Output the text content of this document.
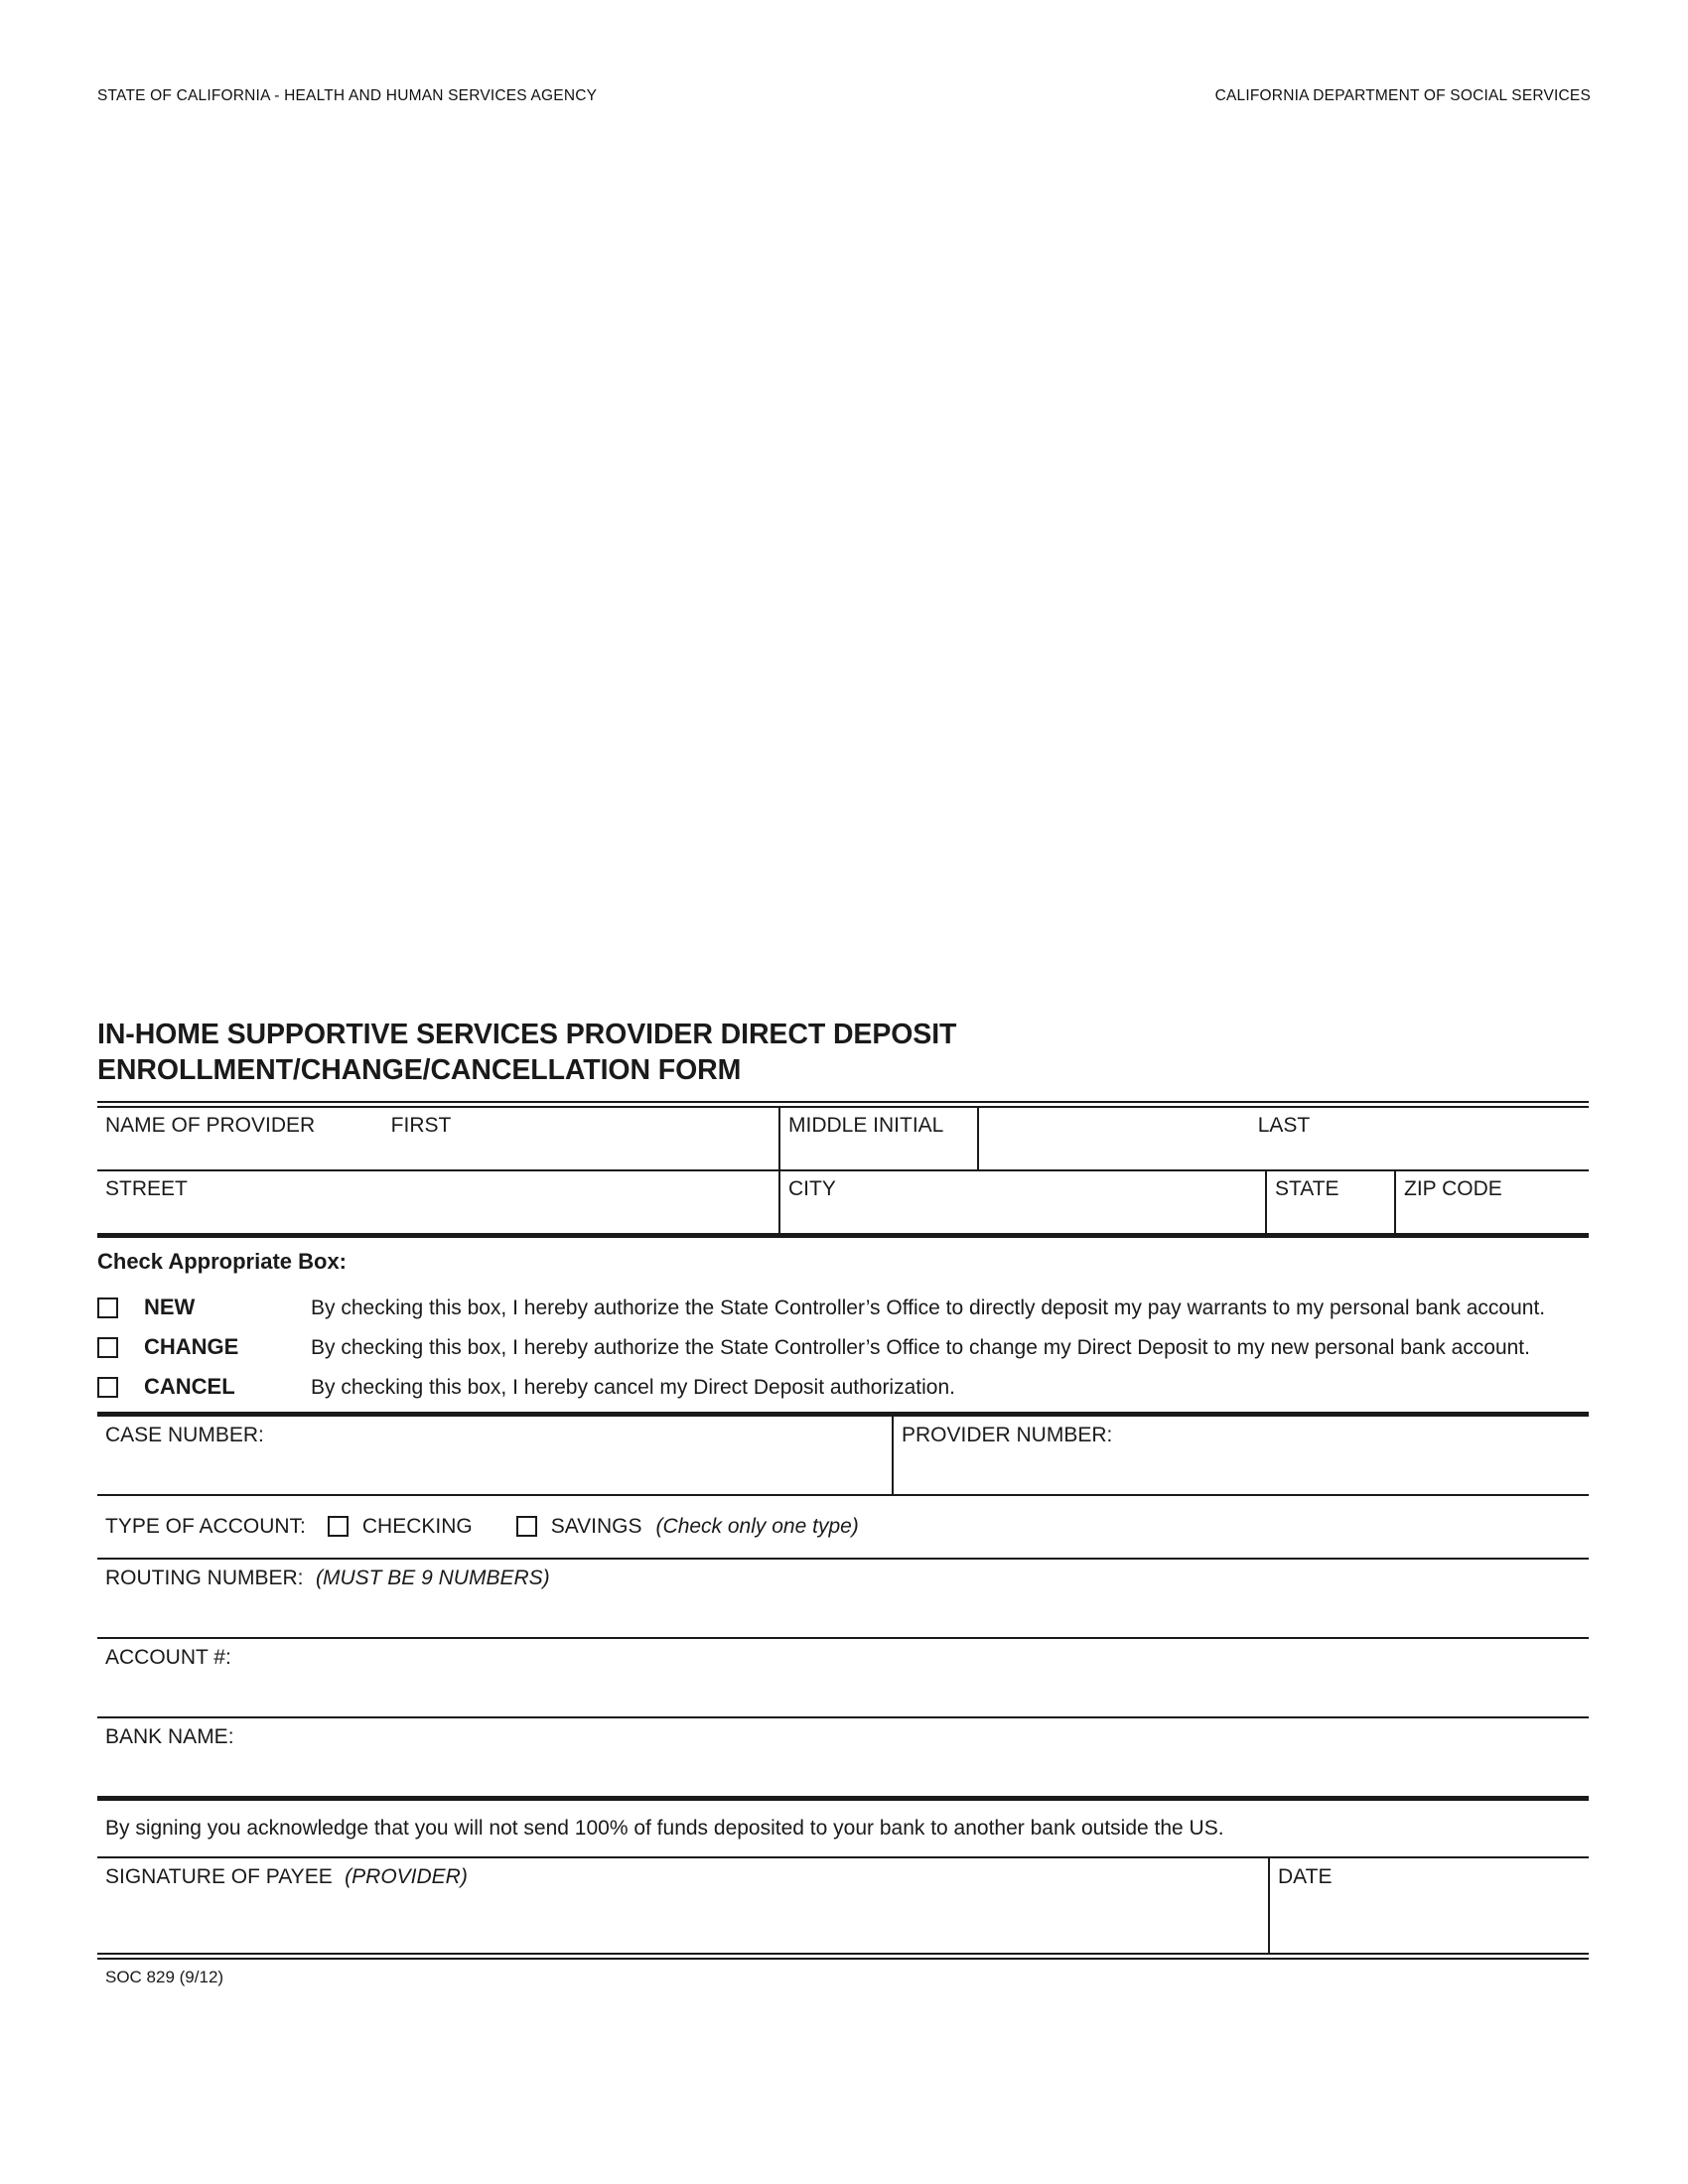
STATE OF CALIFORNIA - HEALTH AND HUMAN SERVICES AGENCY	CALIFORNIA DEPARTMENT OF SOCIAL SERVICES
IN-HOME SUPPORTIVE SERVICES PROVIDER DIRECT DEPOSIT
ENROLLMENT/CHANGE/CANCELLATION FORM
NAME OF PROVIDER	FIRST	MIDDLE INITIAL	LAST
STREET	CITY	STATE	ZIP CODE
Check Appropriate Box:
NEW	By checking this box, I hereby authorize the State Controller’s Office to directly deposit my pay warrants to my personal bank account.
CHANGE	By checking this box, I hereby authorize the State Controller’s Office to change my Direct Deposit to my new personal bank account.
CANCEL	By checking this box, I hereby cancel my Direct Deposit authorization.
CASE NUMBER:	PROVIDER NUMBER:
TYPE OF ACCOUNT:	CHECKING	SAVINGS (Check only one type)
ROUTING NUMBER: (MUST BE 9 NUMBERS)
ACCOUNT #:
BANK NAME:
By signing you acknowledge that you will not send 100% of funds deposited to your bank to another bank outside the US.
SIGNATURE OF PAYEE (PROVIDER)	DATE
SOC 829 (9/12)
